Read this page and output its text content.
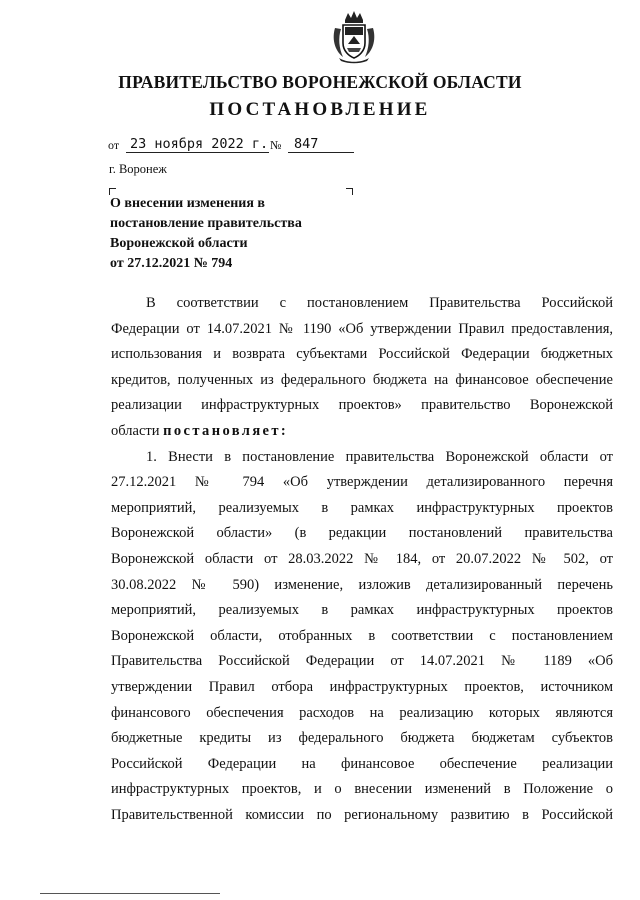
ПРАВИТЕЛЬСТВО ВОРОНЕЖСКОЙ ОБЛАСТИ
ПОСТАНОВЛЕНИЕ
от 23 ноября 2022 г. № 847
г. Воронеж
О внесении изменения в
постановление правительства
Воронежской области
от 27.12.2021 № 794
В соответствии с постановлением Правительства Российской
Федерации от 14.07.2021 № 1190 «Об утверждении Правил предоставления,
использования и возврата субъектами Российской Федерации бюджетных
кредитов, полученных из федерального бюджета на финансовое обеспечение
реализации инфраструктурных проектов» правительство Воронежской
области постановляет:
1. Внести в постановление правительства Воронежской области от
27.12.2021 № 794 «Об утверждении детализированного перечня
мероприятий, реализуемых в рамках инфраструктурных проектов
Воронежской области» (в редакции постановлений правительства
Воронежской области от 28.03.2022 № 184, от 20.07.2022 № 502, от
30.08.2022 № 590) изменение, изложив детализированный перечень
мероприятий, реализуемых в рамках инфраструктурных проектов
Воронежской области, отобранных в соответствии с постановлением
Правительства Российской Федерации от 14.07.2021 № 1189 «Об
утверждении Правил отбора инфраструктурных проектов, источником
финансового обеспечения расходов на реализацию которых являются
бюджетные кредиты из федерального бюджета бюджетам субъектов
Российской Федерации на финансовое обеспечение реализации
инфраструктурных проектов, и о внесении изменений в Положение о
Правительственной комиссии по региональному развитию в Российской
